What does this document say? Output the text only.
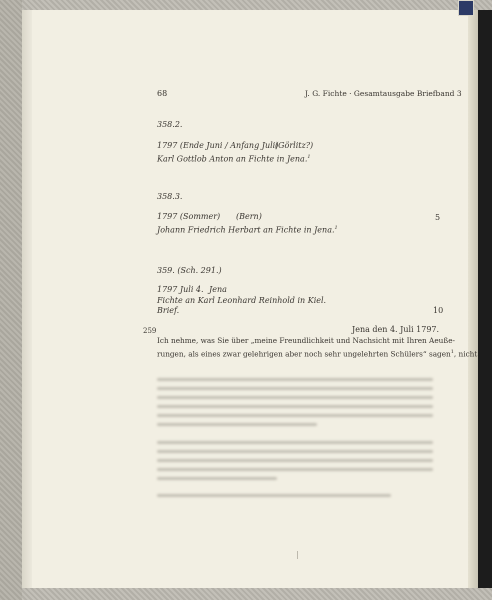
68	J. G. Fichte · Gesamtausgabe Briefband 3
358.2.
1797 (Ende Juni / Anfang Juli)
(Görlitz?)
Karl Gottlob Anton an Fichte in Jena.$^1$
358.3.
1797 (Sommer) (Bern)
Johann Friedrich Herbart an Fichte in Jena.$^1$
5
359. (Sch. 291.)
1797 Juli 4. Jena
Fichte an Karl Leonhard Reinhold in Kiel.
Brief.	10
259	Jena den 4. Juli 1797.
Ich nehme, was Sie über „meine Freundlichkeit und Nachsicht mit Ihren Aeuße-
rungen, als eines zwar gelehrigen aber noch sehr ungelehrten Schülers“ sagen$^1$, nicht
